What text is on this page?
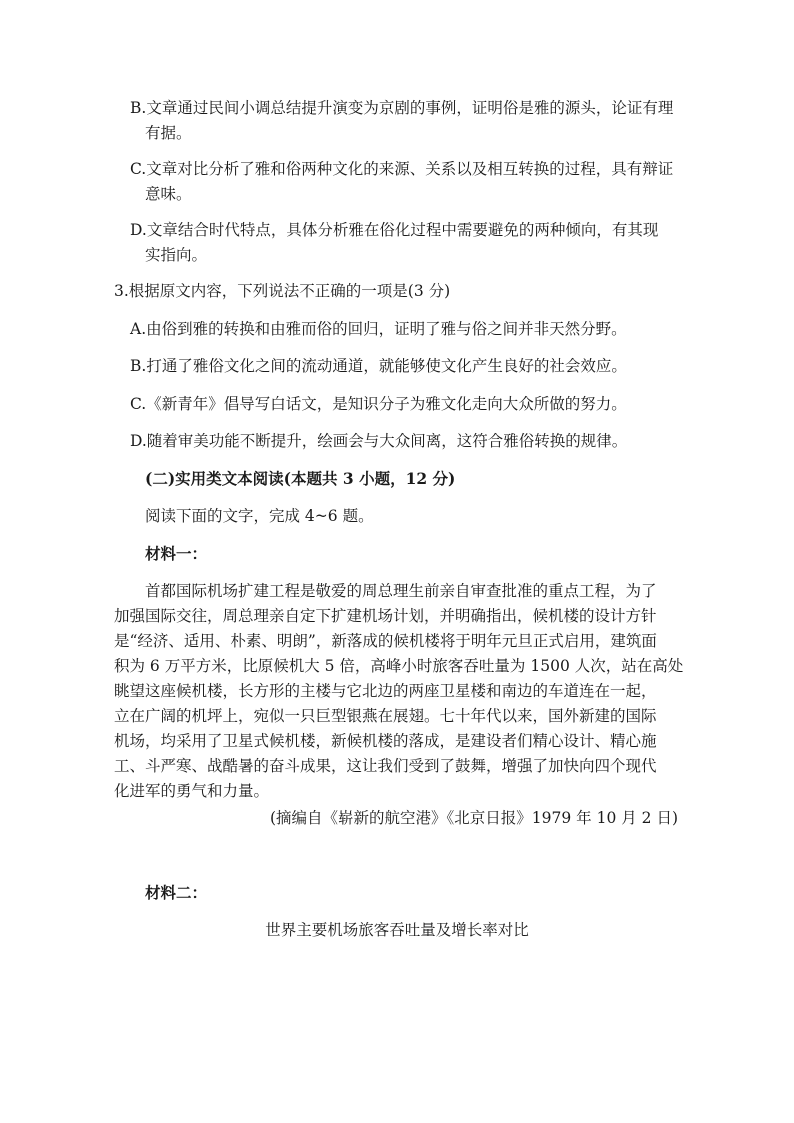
B.文章通过民间小调总结提升演变为京剧的事例，证明俗是雅的源头，论证有理
有据。
C.文章对比分析了雅和俗两种文化的来源、关系以及相互转换的过程，具有辩证
意味。
D.文章结合时代特点，具体分析雅在俗化过程中需要避免的两种倾向，有其现
实指向。
3.根据原文内容，下列说法不正确的一项是(3 分)
A.由俗到雅的转换和由雅而俗的回归，证明了雅与俗之间并非天然分野。
B.打通了雅俗文化之间的流动通道，就能够使文化产生良好的社会效应。
C.《新青年》倡导写白话文，是知识分子为雅文化走向大众所做的努力。
D.随着审美功能不断提升，绘画会与大众间离，这符合雅俗转换的规律。
(二)实用类文本阅读(本题共 3 小题，12 分)
阅读下面的文字，完成 4~6 题。
材料一：
首都国际机场扩建工程是敬爱的周总理生前亲自审查批准的重点工程，为了
加强国际交往，周总理亲自定下扩建机场计划，并明确指出，候机楼的设计方针
是“经济、适用、朴素、明朗”，新落成的候机楼将于明年元旦正式启用，建筑面
积为 6 万平方米，比原候机大 5 倍，高峰小时旅客吞吐量为 1500 人次，站在高处
眺望这座候机楼，长方形的主楼与它北边的两座卫星楼和南边的车道连在一起，
立在广阔的机坪上，宛似一只巨型银燕在展翅。七十年代以来，国外新建的国际
机场，均采用了卫星式候机楼，新候机楼的落成，是建设者们精心设计、精心施
工、斗严寒、战酷暑的奋斗成果，这让我们受到了鼓舞，增强了加快向四个现代
化进军的勇气和力量。
(摘编自《崭新的航空港》《北京日报》1979 年 10 月 2 日)
材料二：
世界主要机场旅客吞吐量及增长率对比
